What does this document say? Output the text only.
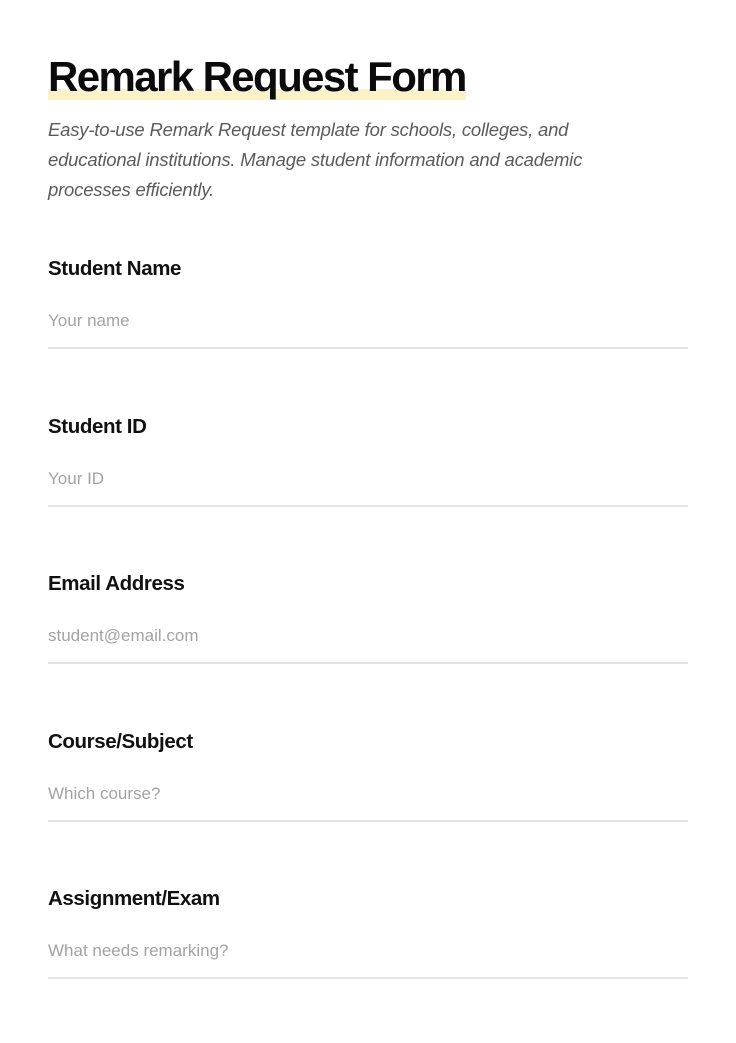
Remark Request Form

Easy-to-use Remark Request template for schools, colleges, and educational institutions. Manage student information and academic processes efficiently.

Student Name
Your name
Student ID
Your ID
Email Address
student@email.com
Course/Subject
Which course?
Assignment/Exam
What needs remarking?
